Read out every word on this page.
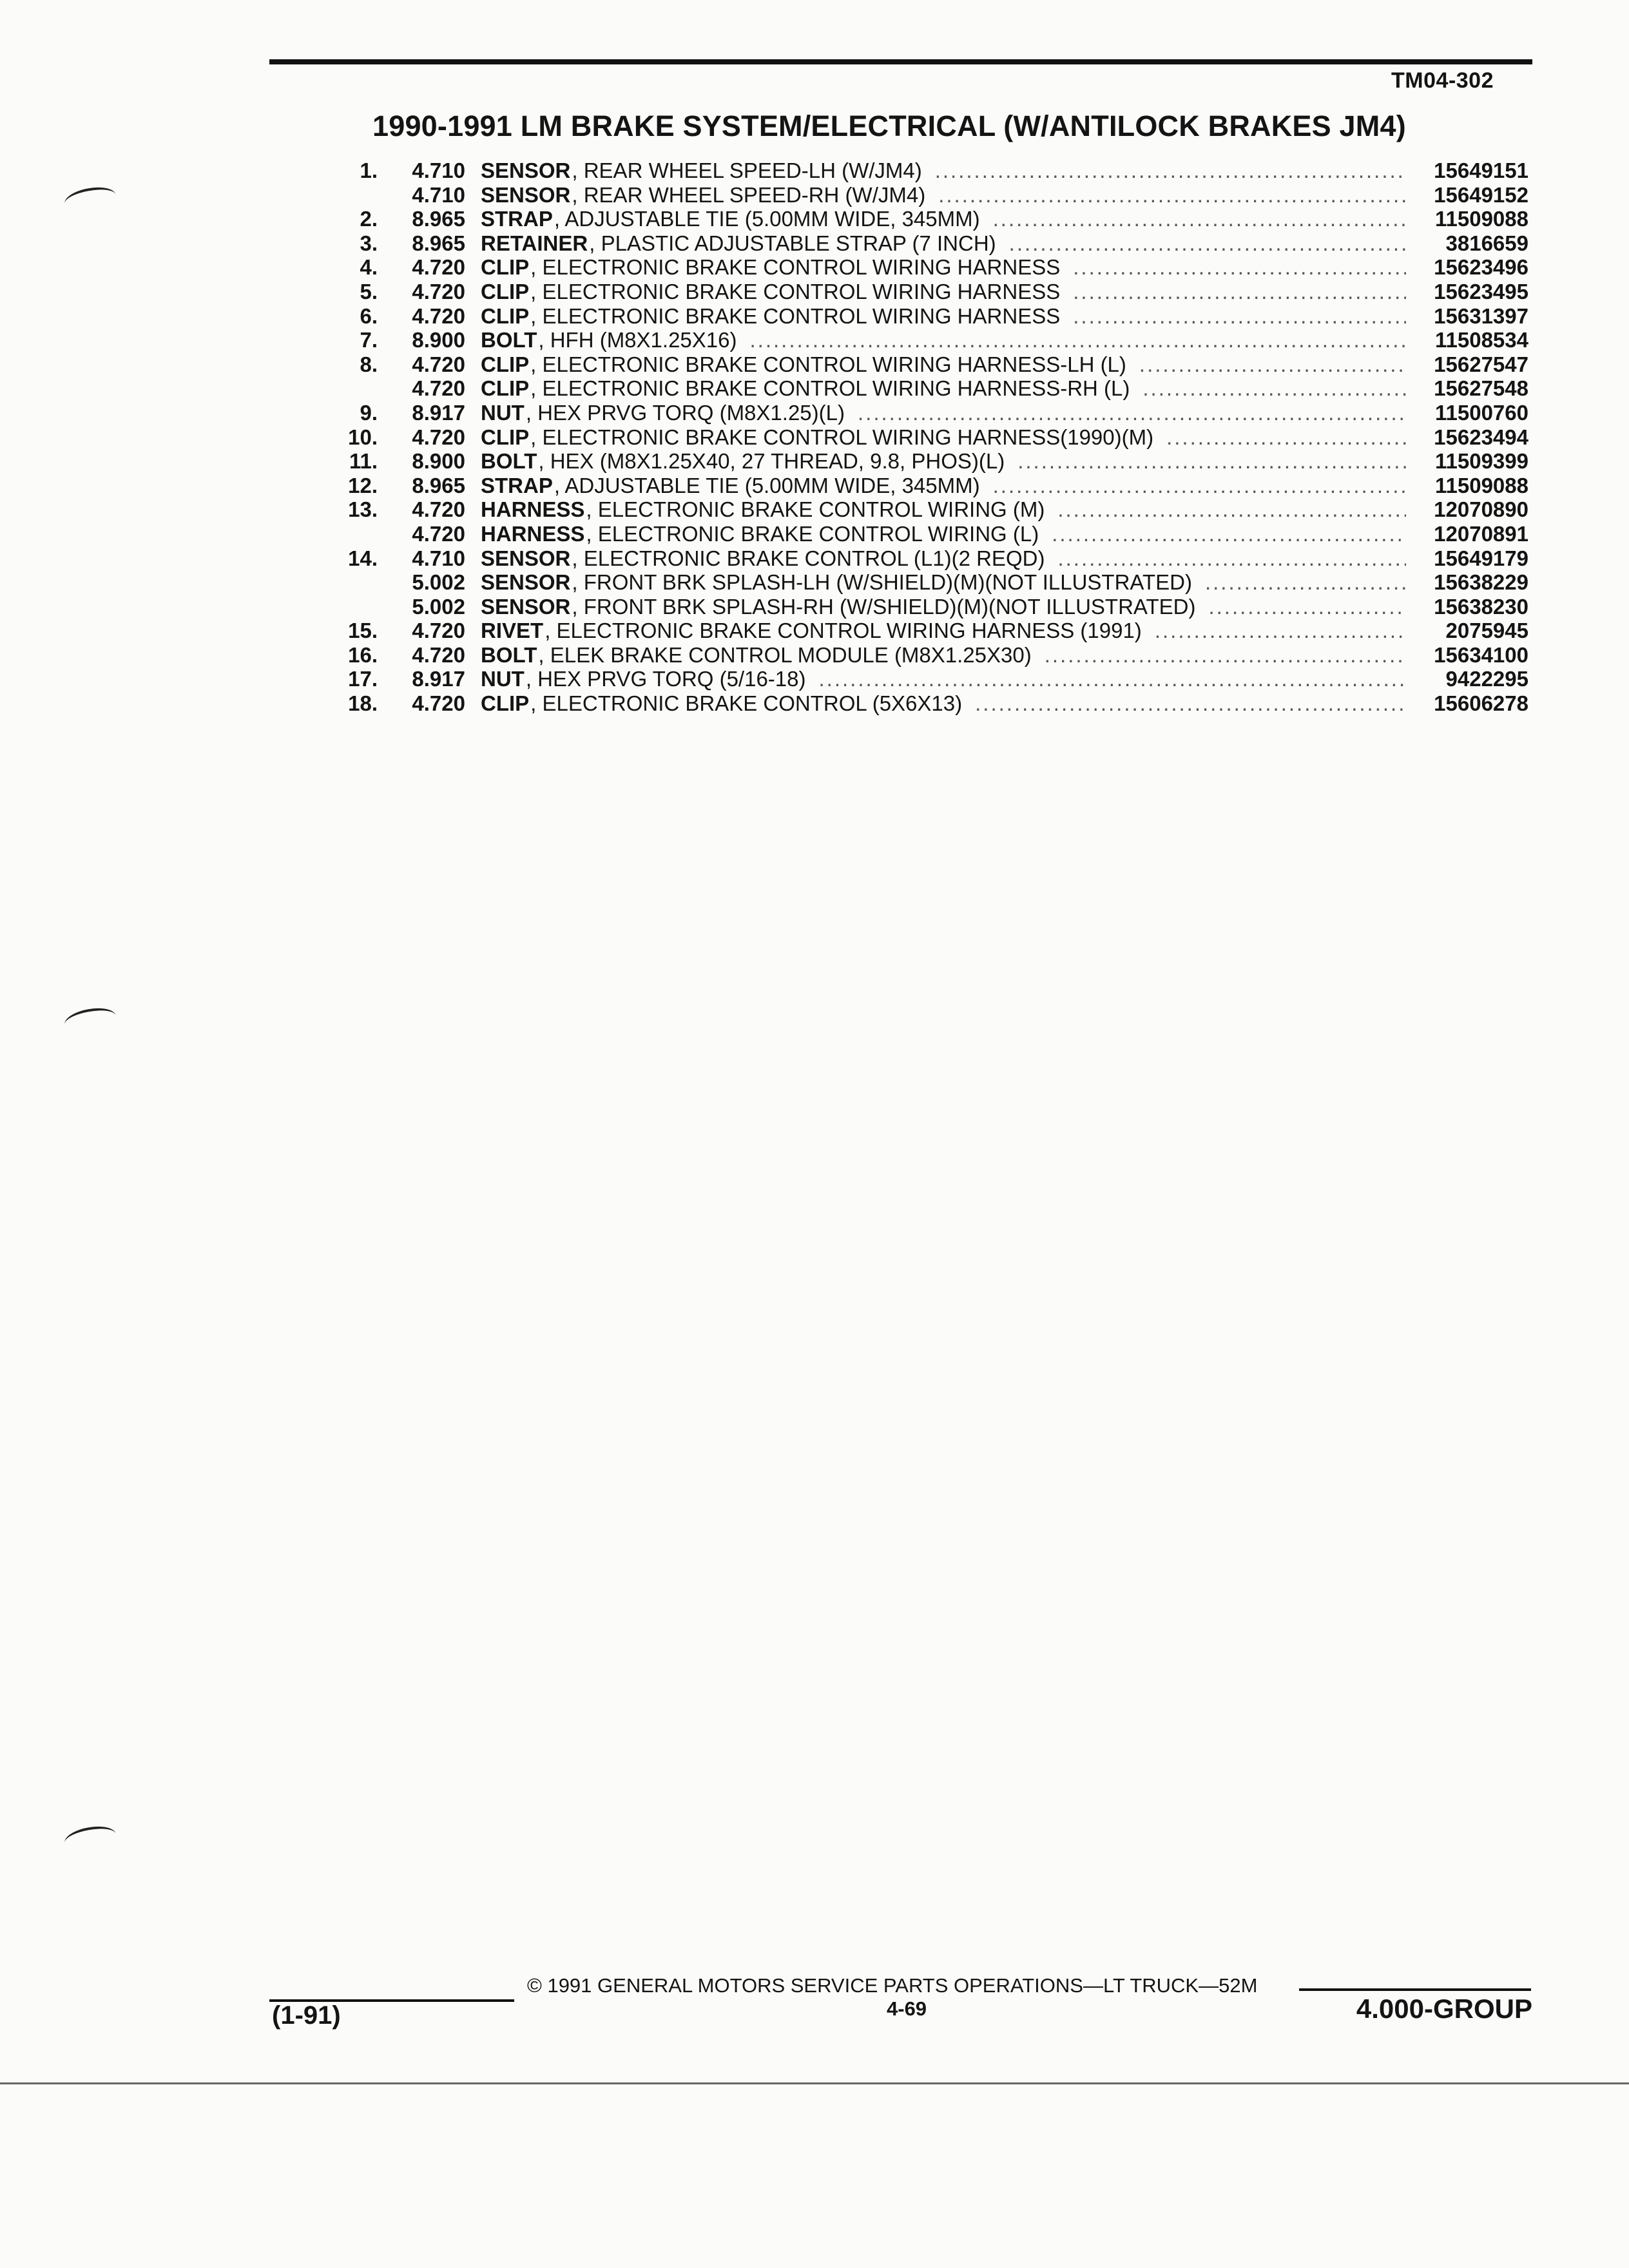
TM04-302
1990-1991 LM BRAKE SYSTEM/ELECTRICAL (W/ANTILOCK BRAKES JM4)
1.	4.710 SENSOR , REAR WHEEL SPEED-LH (W/JM4) .....	15649151
4.710 SENSOR , REAR WHEEL SPEED-RH (W/JM4) .....	15649152
2.	8.965 STRAP , ADJUSTABLE TIE (5.00MM WIDE, 345MM) .....	11509088
3.	8.965 RETAINER , PLASTIC ADJUSTABLE STRAP (7 INCH) .....	3816659
4.	4.720 CLIP , ELECTRONIC BRAKE CONTROL WIRING HARNESS .....	15623496
5.	4.720 CLIP , ELECTRONIC BRAKE CONTROL WIRING HARNESS .....	15623495
6.	4.720 CLIP , ELECTRONIC BRAKE CONTROL WIRING HARNESS .....	15631397
7.	8.900 BOLT , HFH (M8X1.25X16) .....	11508534
8.	4.720 CLIP , ELECTRONIC BRAKE CONTROL WIRING HARNESS-LH (L) .....	15627547
4.720 CLIP , ELECTRONIC BRAKE CONTROL WIRING HARNESS-RH (L) .....	15627548
9.	8.917 NUT , HEX PRVG TORQ (M8X1.25)(L) .....	11500760
10.	4.720 CLIP , ELECTRONIC BRAKE CONTROL WIRING HARNESS(1990)(M) .....	15623494
11.	8.900 BOLT , HEX (M8X1.25X40, 27 THREAD, 9.8, PHOS)(L) .....	11509399
12.	8.965 STRAP , ADJUSTABLE TIE (5.00MM WIDE, 345MM) .....	11509088
13.	4.720 HARNESS , ELECTRONIC BRAKE CONTROL WIRING (M) .....	12070890
4.720 HARNESS , ELECTRONIC BRAKE CONTROL WIRING (L) .....	12070891
14.	4.710 SENSOR , ELECTRONIC BRAKE CONTROL (L1)(2 REQD) .....	15649179
5.002 SENSOR , FRONT BRK SPLASH-LH (W/SHIELD)(M)(NOT ILLUSTRATED) .....	15638229
5.002 SENSOR , FRONT BRK SPLASH-RH (W/SHIELD)(M)(NOT ILLUSTRATED) .....	15638230
15.	4.720 RIVET , ELECTRONIC BRAKE CONTROL WIRING HARNESS (1991) .....	2075945
16.	4.720 BOLT , ELEK BRAKE CONTROL MODULE (M8X1.25X30) .....	15634100
17.	8.917 NUT , HEX PRVG TORQ (5/16-18) .....	9422295
18.	4.720 CLIP , ELECTRONIC BRAKE CONTROL (5X6X13) .....	15606278
© 1991 GENERAL MOTORS SERVICE PARTS OPERATIONS—LT TRUCK—52M
(1-91)	4-69	4.000-GROUP
